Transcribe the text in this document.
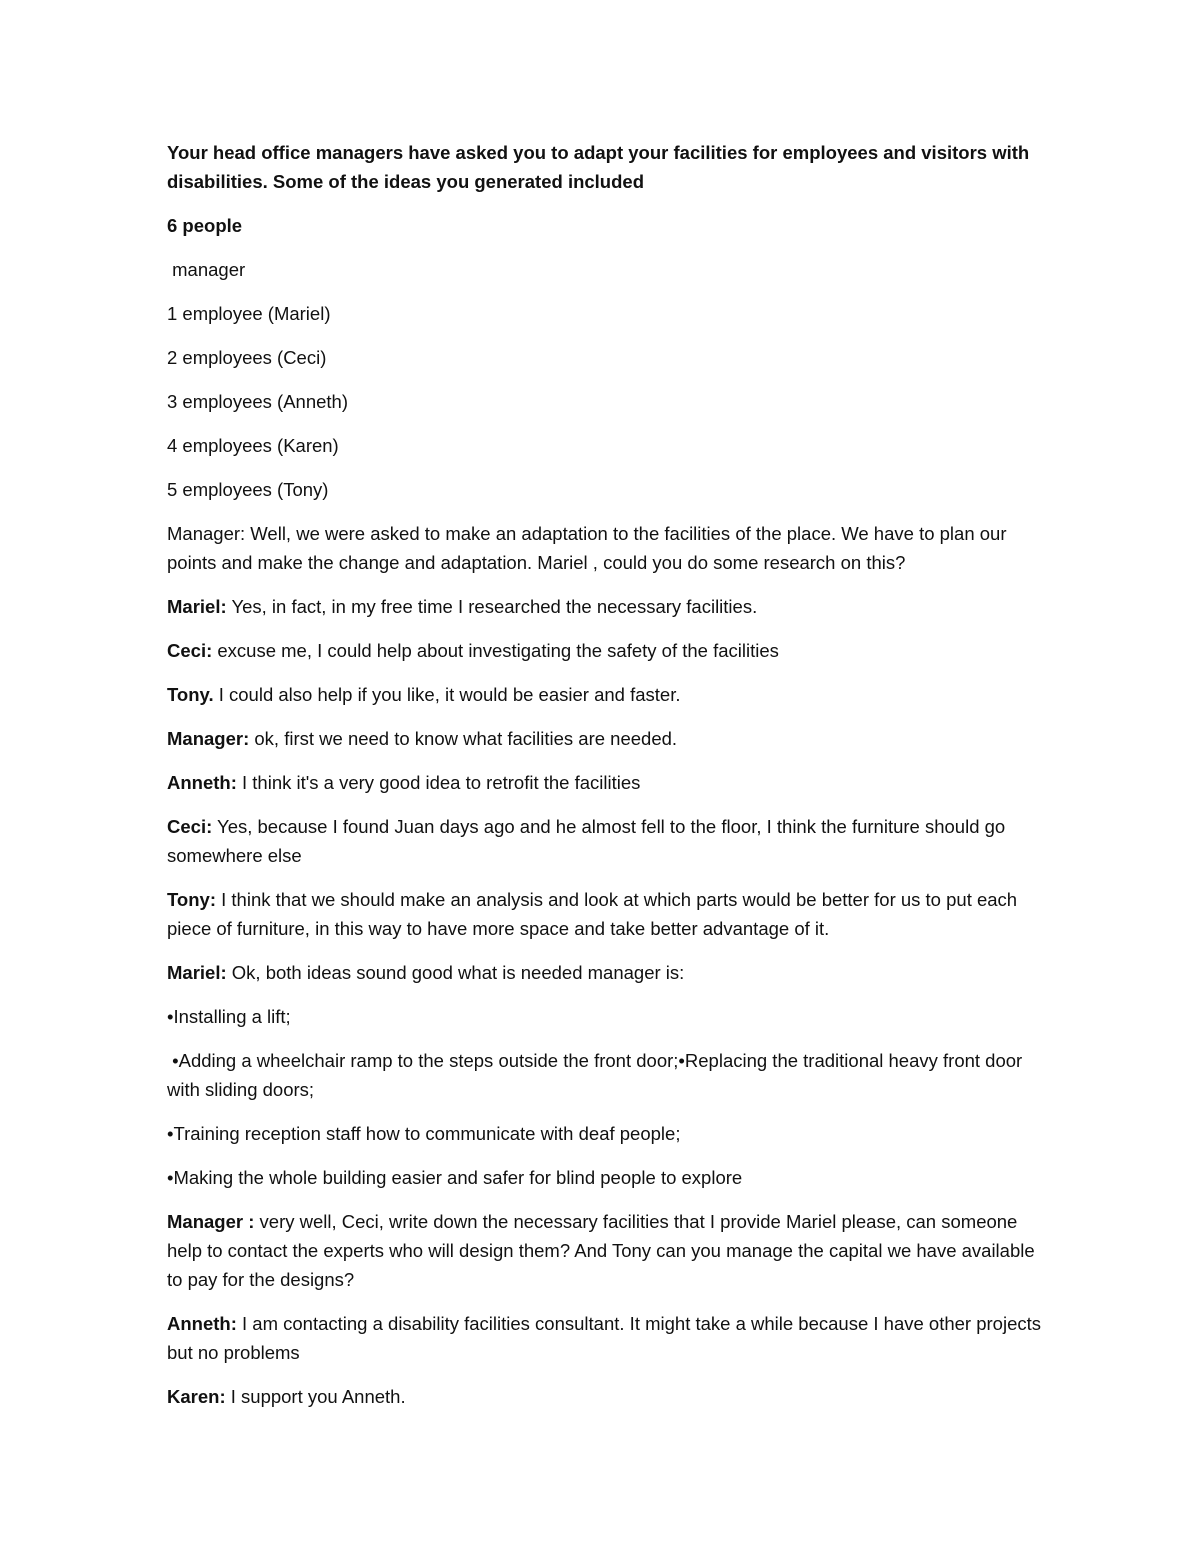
Your head office managers have asked you to adapt your facilities for employees and visitors with disabilities. Some of the ideas you generated included

6 people

manager

1 employee (Mariel)

2 employees (Ceci)

3 employees (Anneth)

4 employees (Karen)

5 employees (Tony)

Manager: Well, we were asked to make an adaptation to the facilities of the place. We have to plan our points and make the change and adaptation. Mariel , could you do some research on this?

Mariel: Yes, in fact, in my free time I researched the necessary facilities.

Ceci: excuse me, I could help about investigating the safety of the facilities

Tony. I could also help if you like, it would be easier and faster.

Manager: ok, first we need to know what facilities are needed.

Anneth: I think it's a very good idea to retrofit the facilities

Ceci: Yes, because I found Juan days ago and he almost fell to the floor, I think the furniture should go somewhere else

Tony: I think that we should make an analysis and look at which parts would be better for us to put each piece of furniture, in this way to have more space and take better advantage of it.

Mariel: Ok, both ideas sound good what is needed manager is:

•Installing a lift;

•Adding a wheelchair ramp to the steps outside the front door;•Replacing the traditional heavy front door with sliding doors;

•Training reception staff how to communicate with deaf people;

•Making the whole building easier and safer for blind people to explore

Manager : very well, Ceci, write down the necessary facilities that I provide Mariel please, can someone help to contact the experts who will design them? And Tony can you manage the capital we have available to pay for the designs?

Anneth: I am contacting a disability facilities consultant. It might take a while because I have other projects but no problems

Karen: I support you Anneth.
